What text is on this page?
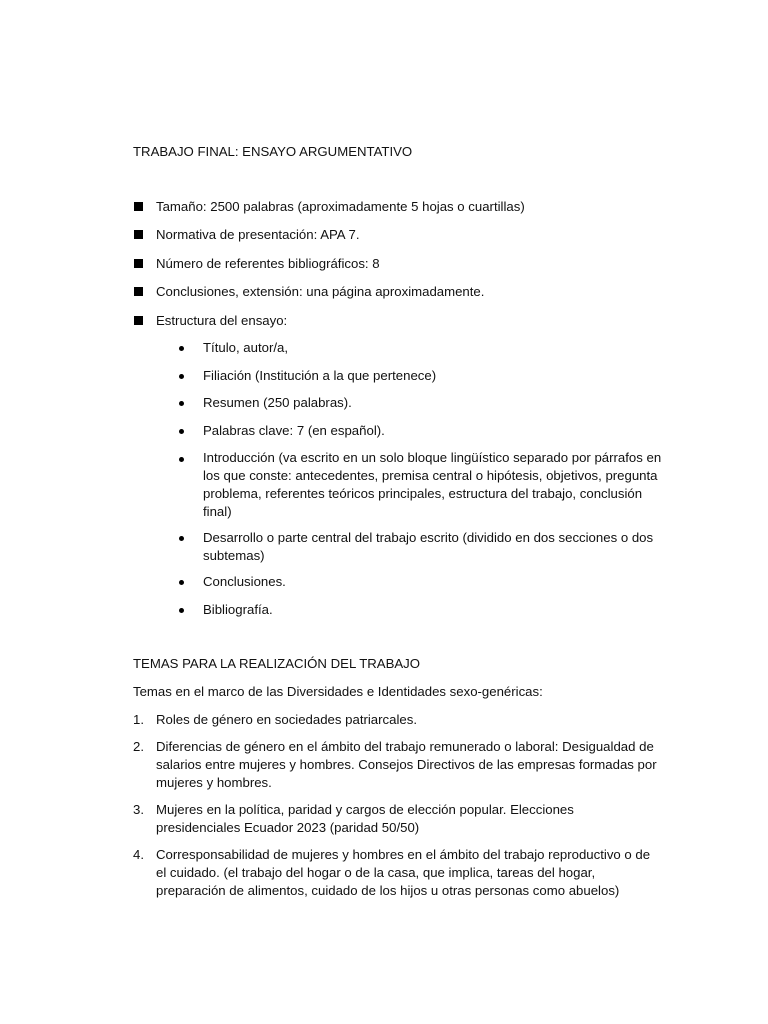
TRABAJO FINAL: ENSAYO ARGUMENTATIVO
Tamaño: 2500 palabras (aproximadamente 5 hojas o cuartillas)
Normativa de presentación: APA 7.
Número de referentes bibliográficos: 8
Conclusiones, extensión: una página aproximadamente.
Estructura del ensayo:
Título, autor/a,
Filiación (Institución a la que pertenece)
Resumen (250 palabras).
Palabras clave: 7 (en español).
Introducción (va escrito en un solo bloque lingüístico separado por párrafos en los que conste: antecedentes, premisa central o hipótesis, objetivos, pregunta problema, referentes teóricos principales, estructura del trabajo, conclusión final)
Desarrollo o parte central del trabajo escrito (dividido en dos secciones o dos subtemas)
Conclusiones.
Bibliografía.
TEMAS PARA LA REALIZACIÓN DEL TRABAJO
Temas en el marco de las Diversidades e Identidades sexo-genéricas:
1. Roles de género en sociedades patriarcales.
2. Diferencias de género en el ámbito del trabajo remunerado o laboral: Desigualdad de salarios entre mujeres y hombres. Consejos Directivos de las empresas formadas por mujeres y hombres.
3. Mujeres en la política, paridad y cargos de elección popular. Elecciones presidenciales Ecuador 2023 (paridad 50/50)
4. Corresponsabilidad de mujeres y hombres en el ámbito del trabajo reproductivo o de el cuidado. (el trabajo del hogar o de la casa, que implica, tareas del hogar, preparación de alimentos, cuidado de los hijos u otras personas como abuelos)
